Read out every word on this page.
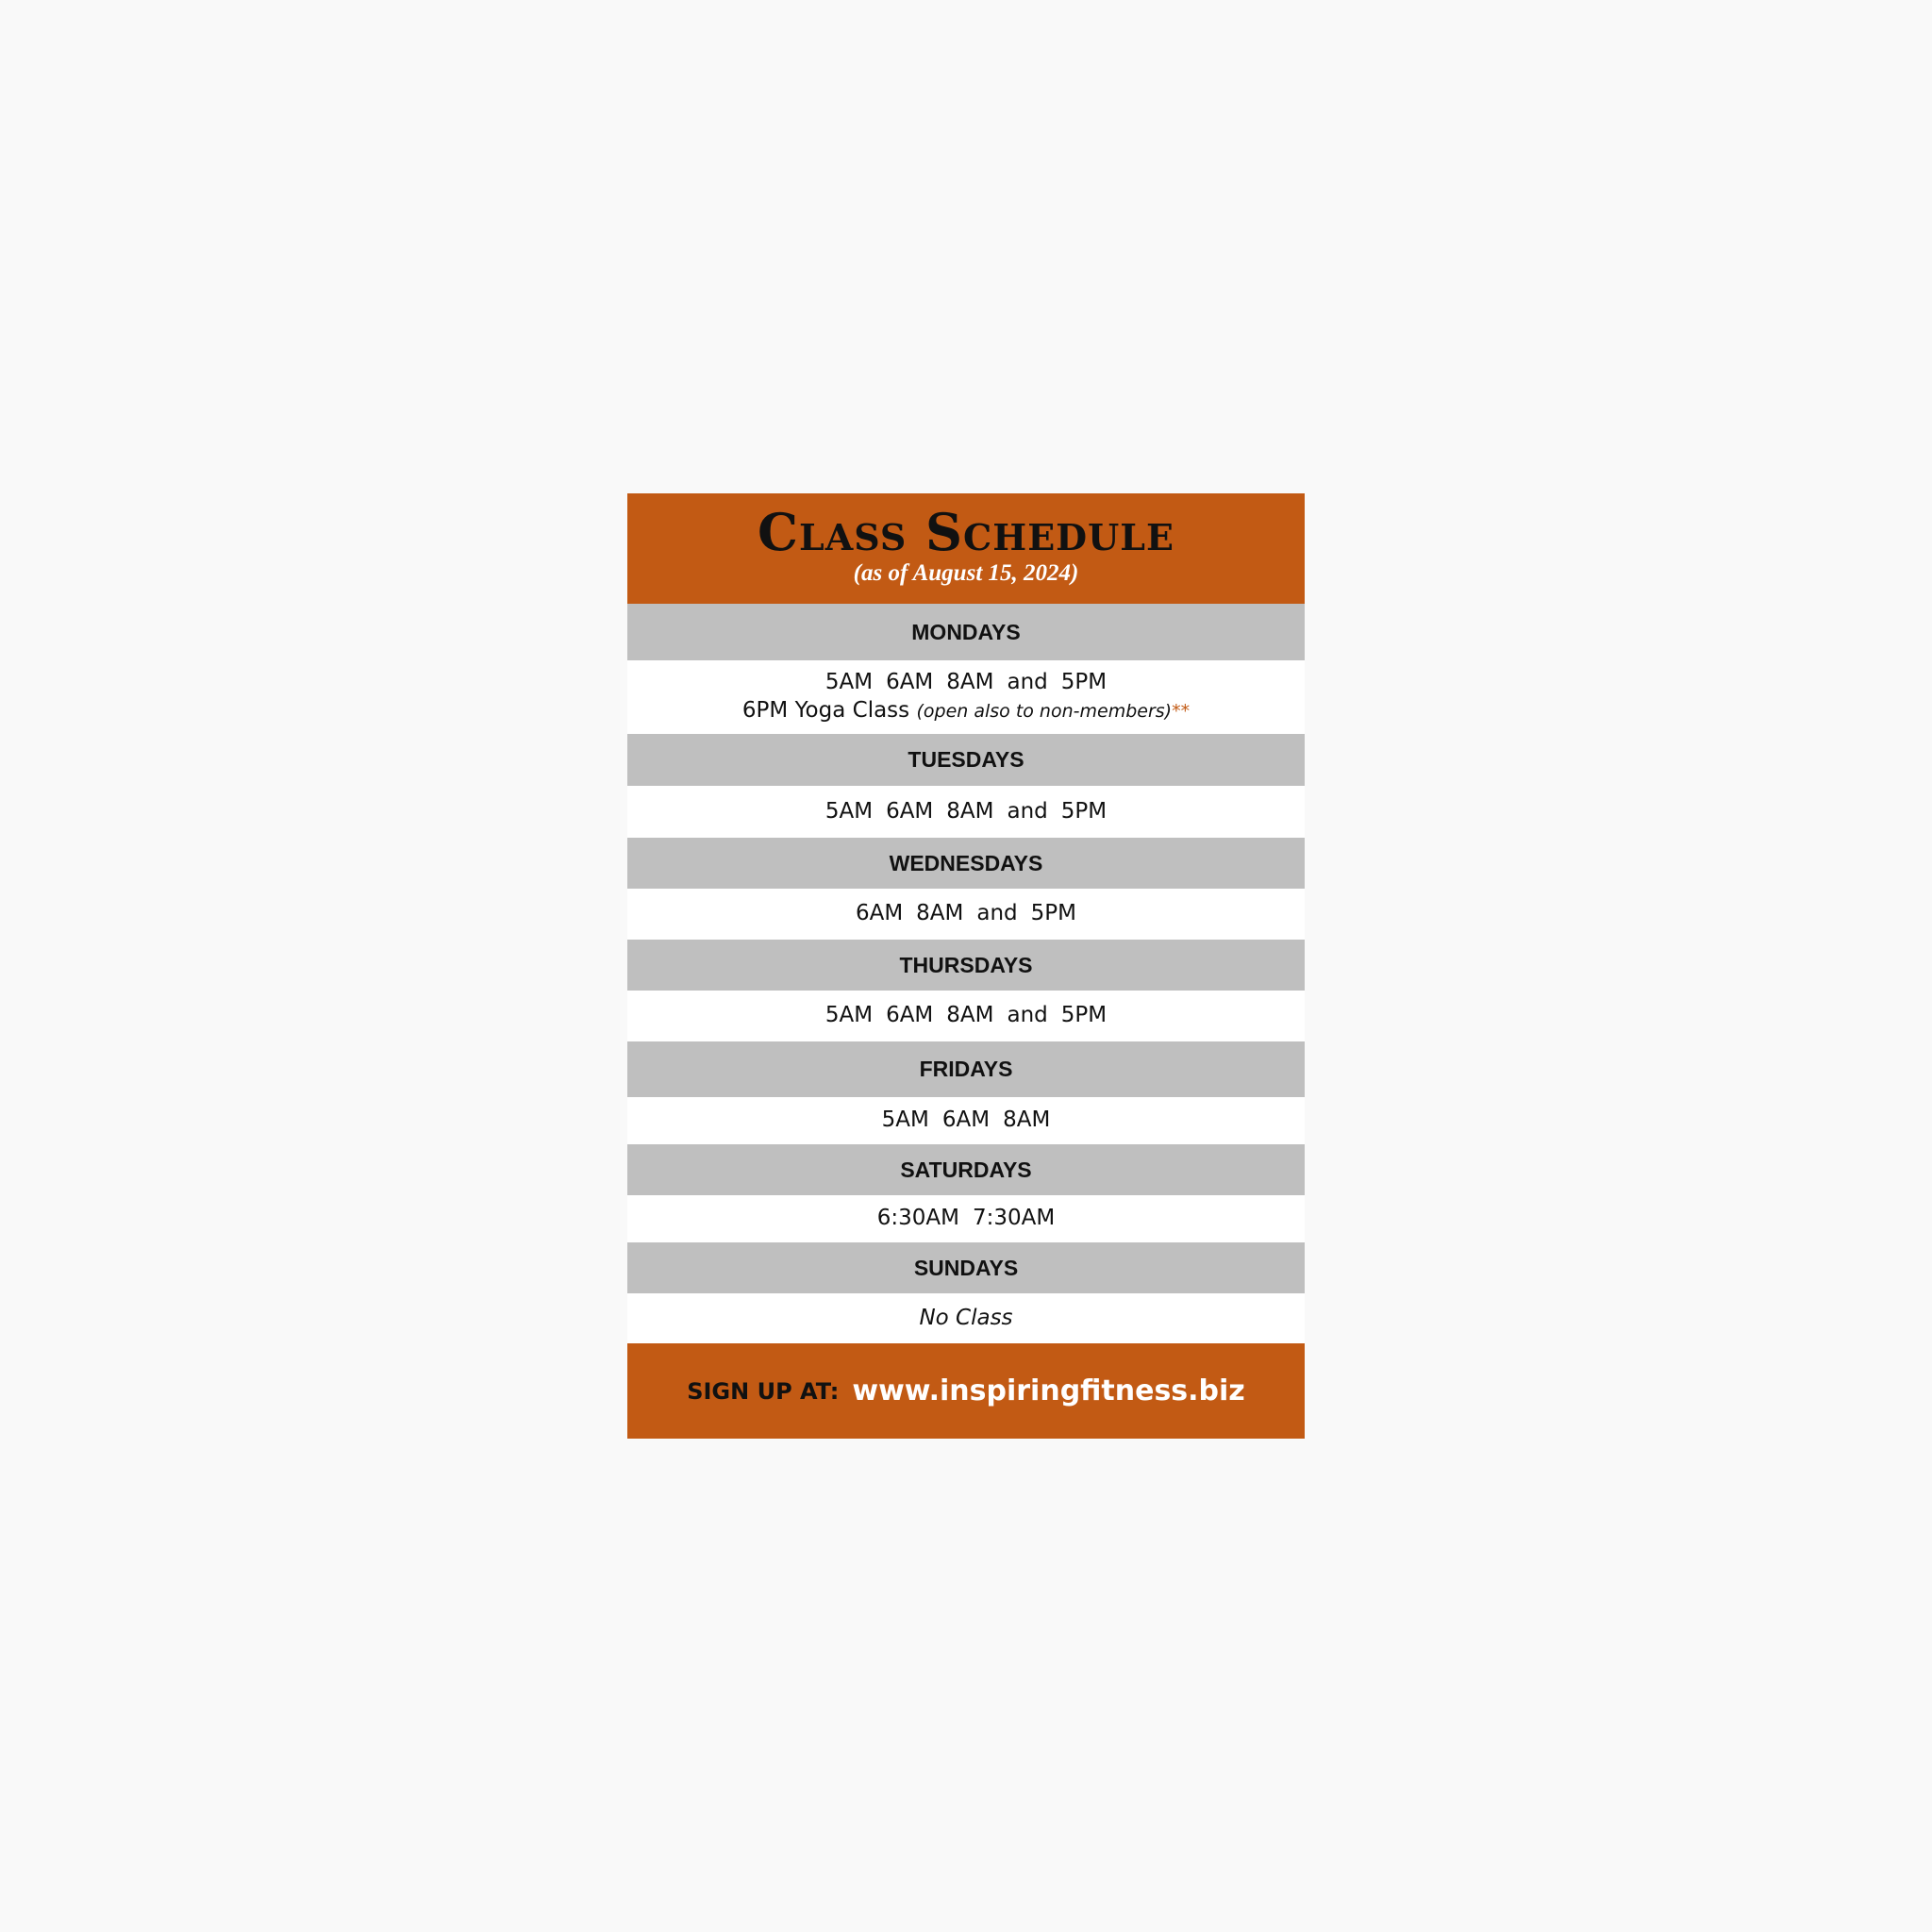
Class Schedule
(as of August 15, 2024)
MONDAYS
5AM 6AM 8AM and 5PM
6PM Yoga Class (open also to non-members)**
TUESDAYS
5AM 6AM 8AM and 5PM
WEDNESDAYS
6AM 8AM and 5PM
THURSDAYS
5AM 6AM 8AM and 5PM
FRIDAYS
5AM 6AM 8AM
SATURDAYS
6:30AM 7:30AM
SUNDAYS
No Class
SIGN UP AT: www.inspiringfitness.biz
